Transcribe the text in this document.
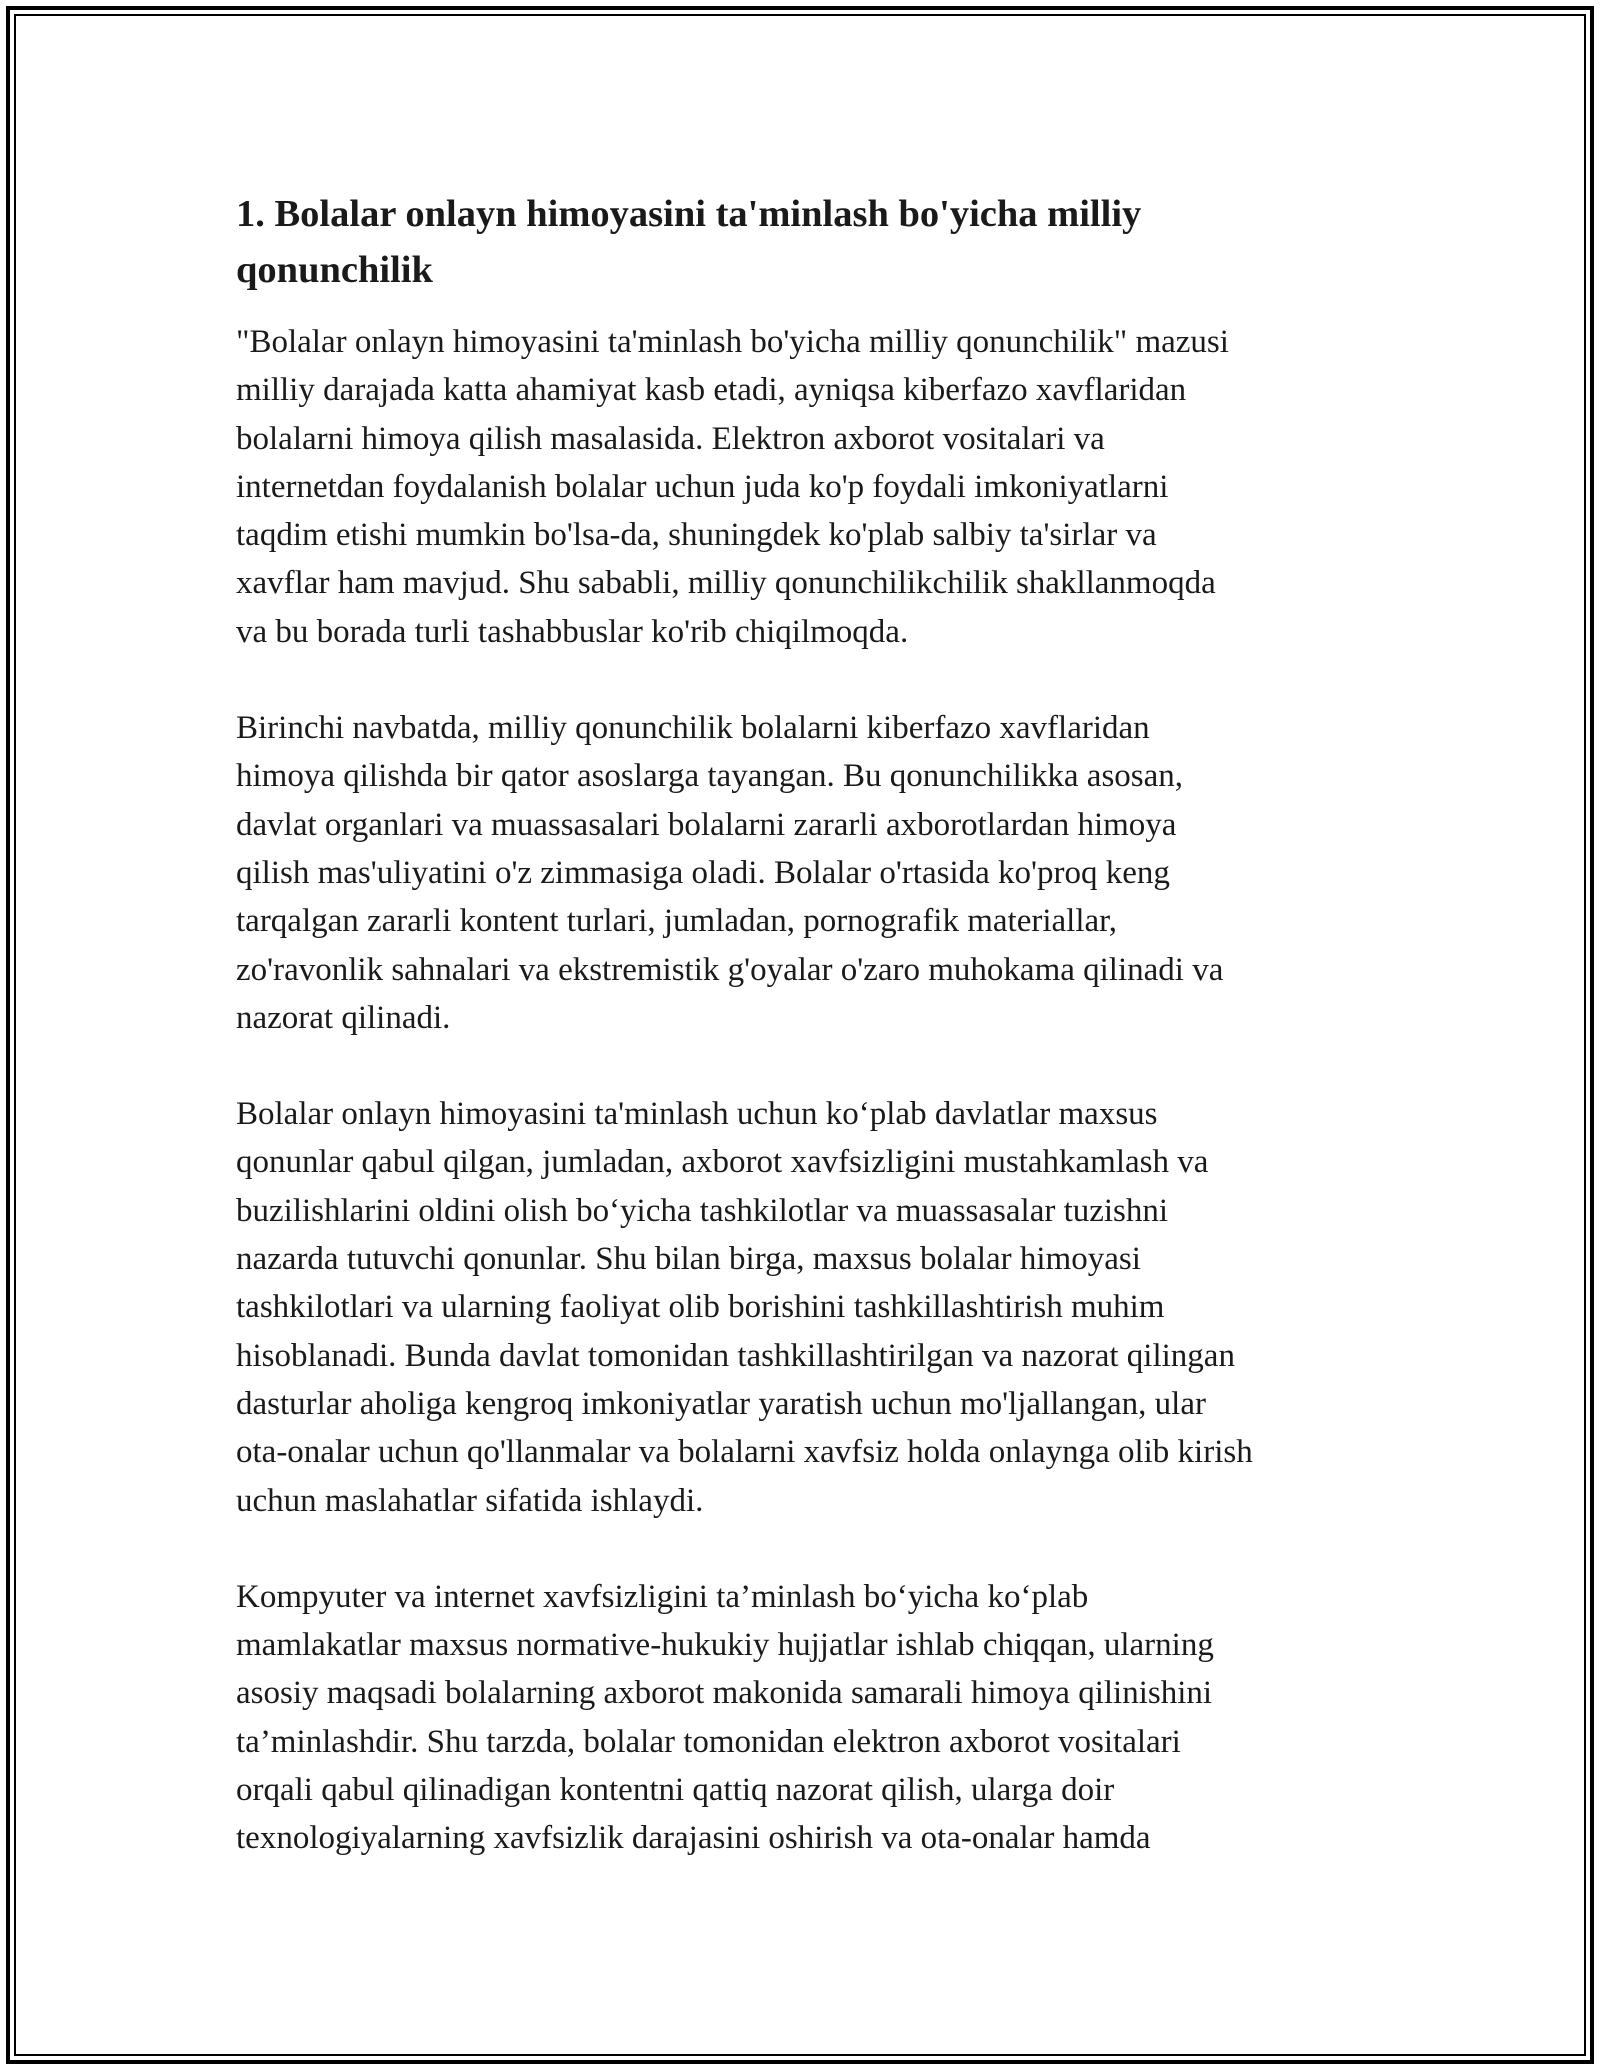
1. Bolalar onlayn himoyasini ta'minlash bo'yicha milliy
qonunchilik

"Bolalar onlayn himoyasini ta'minlash bo'yicha milliy qonunchilik" mazusi
milliy darajada katta ahamiyat kasb etadi, ayniqsa kiberfazo xavflaridan
bolalarni himoya qilish masalasida. Elektron axborot vositalari va
internetdan foydalanish bolalar uchun juda ko'p foydali imkoniyatlarni
taqdim etishi mumkin bo'lsa-da, shuningdek ko'plab salbiy ta'sirlar va
xavflar ham mavjud. Shu sababli, milliy qonunchilikchilik shakllanmoqda
va bu borada turli tashabbuslar ko'rib chiqilmoqda.

Birinchi navbatda, milliy qonunchilik bolalarni kiberfazo xavflaridan
himoya qilishda bir qator asoslarga tayangan. Bu qonunchilikka asosan,
davlat organlari va muassasalari bolalarni zararli axborotlardan himoya
qilish mas'uliyatini o'z zimmasiga oladi. Bolalar o'rtasida ko'proq keng
tarqalgan zararli kontent turlari, jumladan, pornografik materiallar,
zo'ravonlik sahnalari va ekstremistik g'oyalar o'zaro muhokama qilinadi va
nazorat qilinadi.

Bolalar onlayn himoyasini ta'minlash uchun ko‘plab davlatlar maxsus
qonunlar qabul qilgan, jumladan, axborot xavfsizligini mustahkamlash va
buzilishlarini oldini olish bo‘yicha tashkilotlar va muassasalar tuzishni
nazarda tutuvchi qonunlar. Shu bilan birga, maxsus bolalar himoyasi
tashkilotlari va ularning faoliyat olib borishini tashkillashtirish muhim
hisoblanadi. Bunda davlat tomonidan tashkillashtirilgan va nazorat qilingan
dasturlar aholiga kengroq imkoniyatlar yaratish uchun mo'ljallangan, ular
ota-onalar uchun qo'llanmalar va bolalarni xavfsiz holda onlaynga olib kirish
uchun maslahatlar sifatida ishlaydi.

Kompyuter va internet xavfsizligini ta’minlash bo‘yicha ko‘plab
mamlakatlar maxsus normative-hukukiy hujjatlar ishlab chiqqan, ularning
asosiy maqsadi bolalarning axborot makonida samarali himoya qilinishini
ta’minlashdir. Shu tarzda, bolalar tomonidan elektron axborot vositalari
orqali qabul qilinadigan kontentni qattiq nazorat qilish, ularga doir
texnologiyalarning xavfsizlik darajasini oshirish va ota-onalar hamda
